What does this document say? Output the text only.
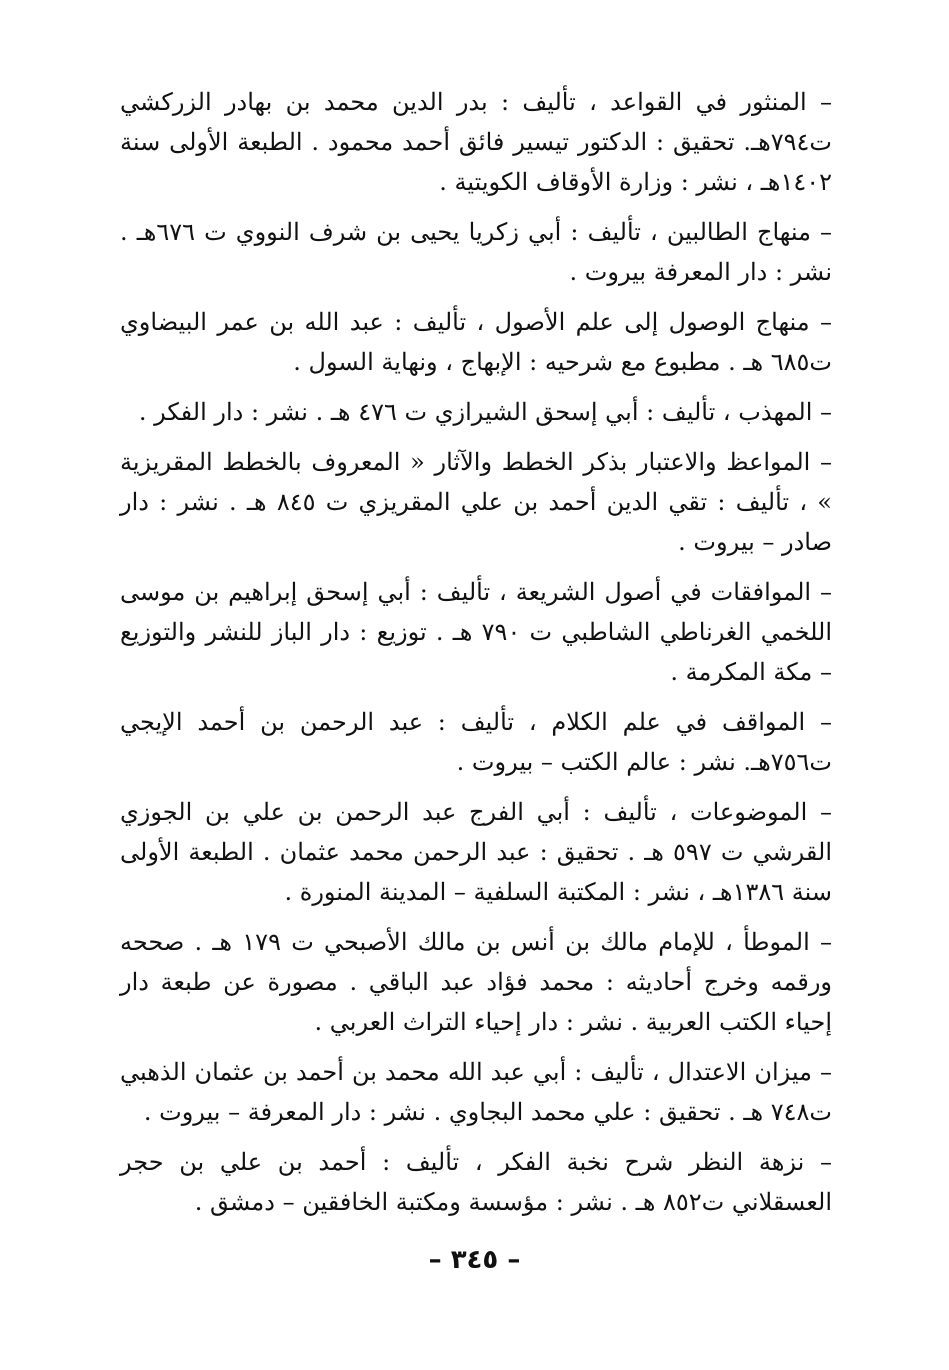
– المنثور في القواعد ، تأليف : بدر الدين محمد بن بهادر الزركشي ت٧٩٤هـ. تحقيق : الدكتور تيسير فائق أحمد محمود . الطبعة الأولى سنة ١٤٠٢هـ ، نشر : وزارة الأوقاف الكويتية .

– منهاج الطالبين ، تأليف : أبي زكريا يحيى بن شرف النووي ت ٦٧٦هـ . نشر : دار المعرفة بيروت .

– منهاج الوصول إلى علم الأصول ، تأليف : عبد الله بن عمر البيضاوي ت٦٨٥ هـ . مطبوع مع شرحيه : الإبهاج ، ونهاية السول .

– المهذب ، تأليف : أبي إسحق الشيرازي ت ٤٧٦ هـ . نشر : دار الفكر .

– المواعظ والاعتبار بذكر الخطط والآثار « المعروف بالخطط المقريزية » ، تأليف : تقي الدين أحمد بن علي المقريزي ت ٨٤٥ هـ . نشر : دار صادر – بيروت .

– الموافقات في أصول الشريعة ، تأليف : أبي إسحق إبراهيم بن موسى اللخمي الغرناطي الشاطبي ت ٧٩٠ هـ . توزيع : دار الباز للنشر والتوزيع – مكة المكرمة .

– المواقف في علم الكلام ، تأليف : عبد الرحمن بن أحمد الإيجي ت٧٥٦هـ. نشر : عالم الكتب – بيروت .

– الموضوعات ، تأليف : أبي الفرج عبد الرحمن بن علي بن الجوزي القرشي ت ٥٩٧ هـ . تحقيق : عبد الرحمن محمد عثمان . الطبعة الأولى سنة ١٣٨٦هـ ، نشر : المكتبة السلفية – المدينة المنورة .

– الموطأ ، للإمام مالك بن أنس بن مالك الأصبحي ت ١٧٩ هـ . صححه ورقمه وخرج أحاديثه : محمد فؤاد عبد الباقي . مصورة عن طبعة دار إحياء الكتب العربية . نشر : دار إحياء التراث العربي .

– ميزان الاعتدال ، تأليف : أبي عبد الله محمد بن أحمد بن عثمان الذهبي ت٧٤٨ هـ . تحقيق : علي محمد البجاوي . نشر : دار المعرفة – بيروت .

– نزهة النظر شرح نخبة الفكر ، تأليف : أحمد بن علي بن حجر العسقلاني ت٨٥٢ هـ . نشر : مؤسسة ومكتبة الخافقين – دمشق .

– ٣٤٥ –
